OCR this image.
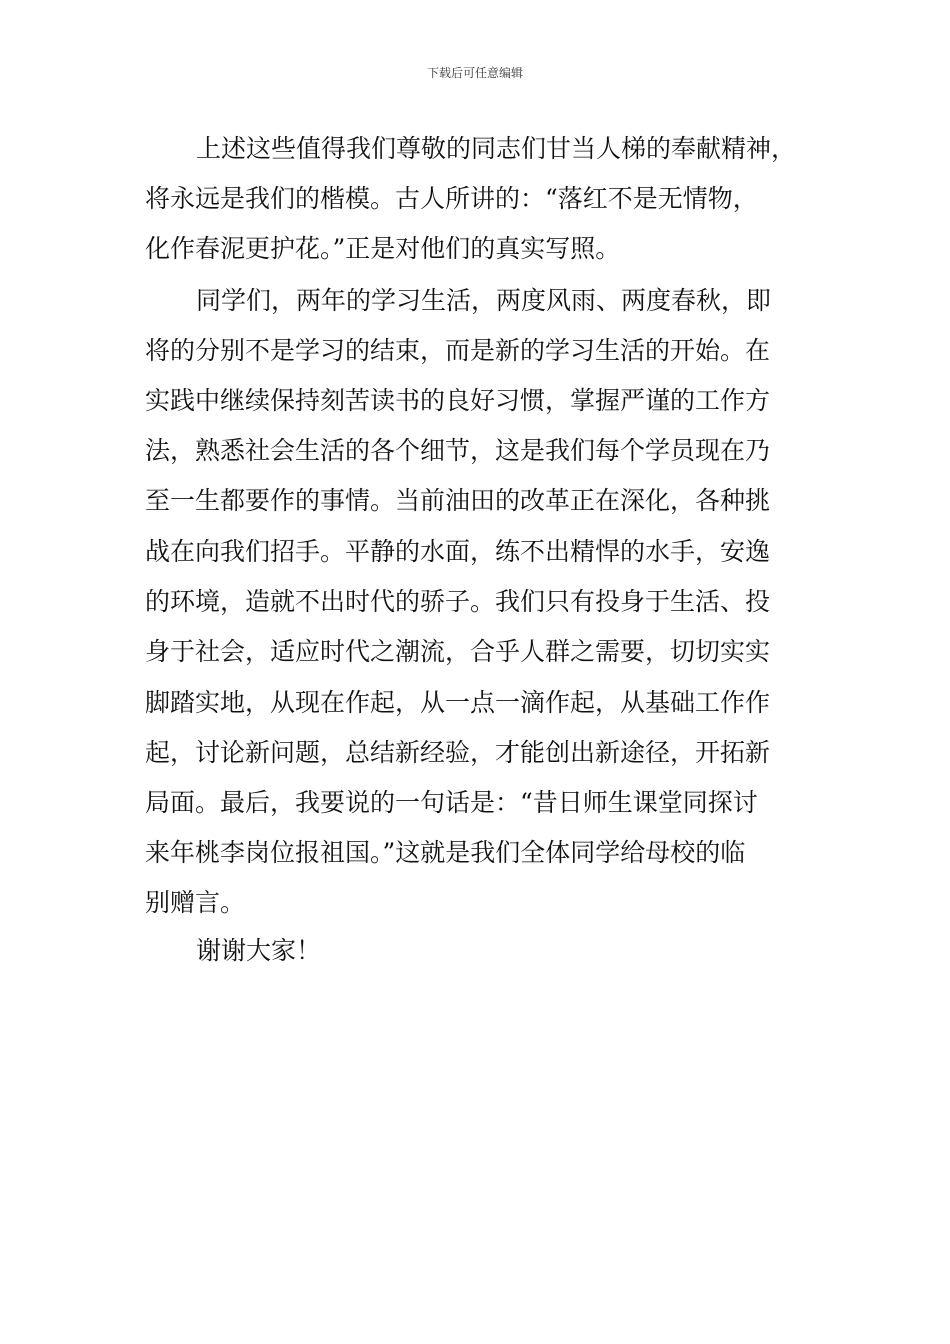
下载后可任意编辑
上述这些值得我们尊敬的同志们甘当人梯的奉献精神，
将永远是我们的楷模。古人所讲的：“落红不是无情物，
化作春泥更护花。”正是对他们的真实写照。
同学们，两年的学习生活，两度风雨、两度春秋，即
将的分别不是学习的结束，而是新的学习生活的开始。在
实践中继续保持刻苦读书的良好习惯，掌握严谨的工作方
法，熟悉社会生活的各个细节，这是我们每个学员现在乃
至一生都要作的事情。当前油田的改革正在深化，各种挑
战在向我们招手。平静的水面，练不出精悍的水手，安逸
的环境，造就不出时代的骄子。我们只有投身于生活、投
身于社会，适应时代之潮流，合乎人群之需要，切切实实
脚踏实地，从现在作起，从一点一滴作起，从基础工作作
起，讨论新问题，总结新经验，才能创出新途径，开拓新
局面。最后，我要说的一句话是：“昔日师生课堂同探讨
来年桃李岗位报祖国。”这就是我们全体同学给母校的临
别赠言。
谢谢大家！
